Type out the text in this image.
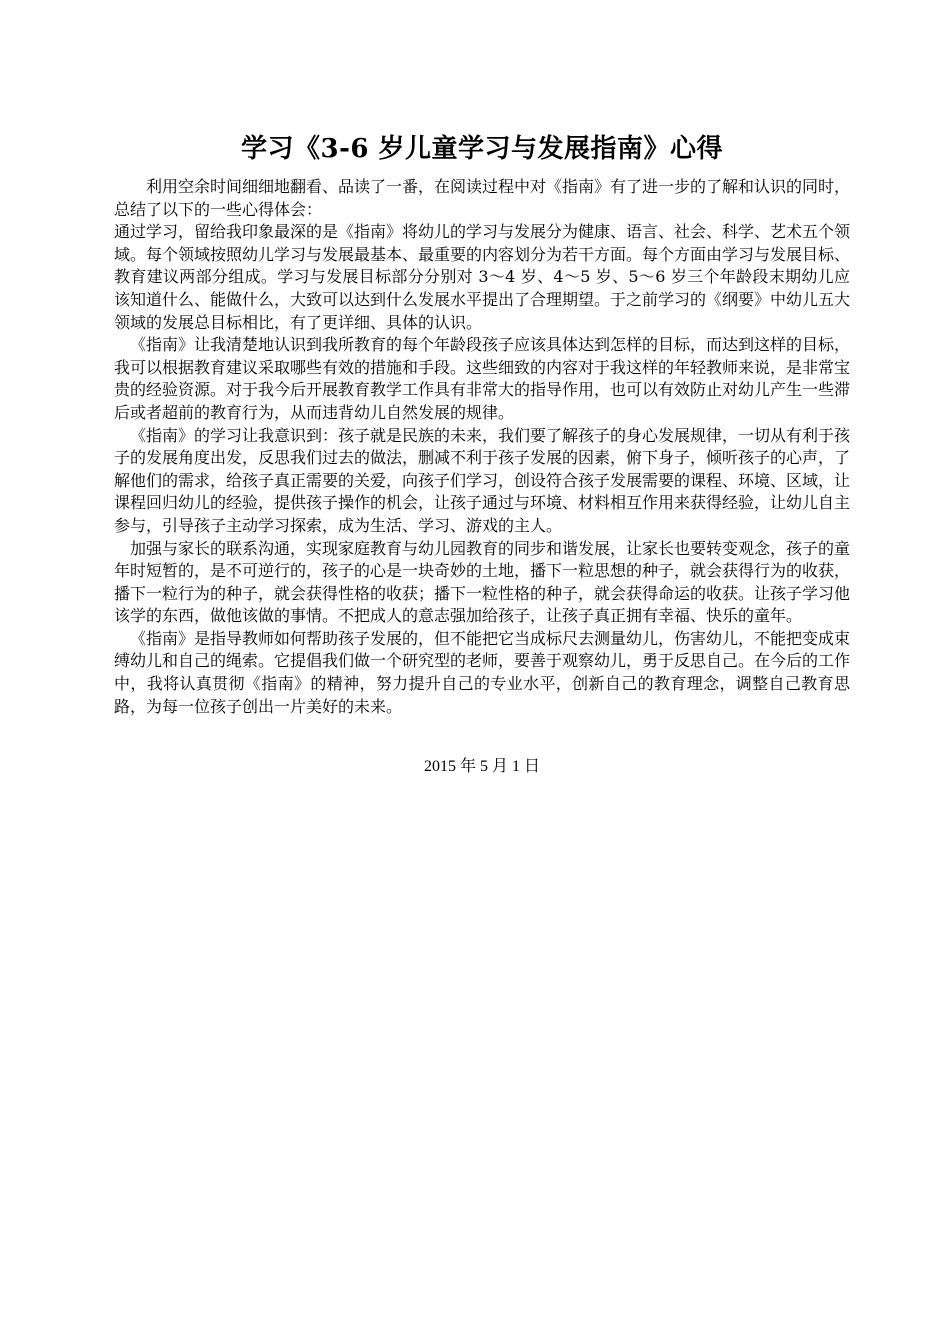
学习《3-6 岁儿童学习与发展指南》心得

利用空余时间细细地翻看、品读了一番，在阅读过程中对《指南》有了进一步的了解和认识的同时，总结了以下的一些心得体会：

通过学习，留给我印象最深的是《指南》将幼儿的学习与发展分为健康、语言、社会、科学、艺术五个领域。每个领域按照幼儿学习与发展最基本、最重要的内容划分为若干方面。每个方面由学习与发展目标、教育建议两部分组成。学习与发展目标部分分别对 3～4 岁、4～5 岁、5～6 岁三个年龄段末期幼儿应该知道什么、能做什么，大致可以达到什么发展水平提出了合理期望。于之前学习的《纲要》中幼儿五大领域的发展总目标相比，有了更详细、具体的认识。

《指南》让我清楚地认识到我所教育的每个年龄段孩子应该具体达到怎样的目标，而达到这样的目标，我可以根据教育建议采取哪些有效的措施和手段。这些细致的内容对于我这样的年轻教师来说，是非常宝贵的经验资源。对于我今后开展教育教学工作具有非常大的指导作用，也可以有效防止对幼儿产生一些滞后或者超前的教育行为，从而违背幼儿自然发展的规律。

《指南》的学习让我意识到：孩子就是民族的未来，我们要了解孩子的身心发展规律，一切从有利于孩子的发展角度出发，反思我们过去的做法，删减不利于孩子发展的因素，俯下身子，倾听孩子的心声，了解他们的需求，给孩子真正需要的关爱，向孩子们学习，创设符合孩子发展需要的课程、环境、区域，让课程回归幼儿的经验，提供孩子操作的机会，让孩子通过与环境、材料相互作用来获得经验，让幼儿自主参与，引导孩子主动学习探索，成为生活、学习、游戏的主人。

加强与家长的联系沟通，实现家庭教育与幼儿园教育的同步和谐发展，让家长也要转变观念，孩子的童年时短暂的，是不可逆行的，孩子的心是一块奇妙的土地，播下一粒思想的种子，就会获得行为的收获，播下一粒行为的种子，就会获得性格的收获；播下一粒性格的种子，就会获得命运的收获。让孩子学习他该学的东西，做他该做的事情。不把成人的意志强加给孩子，让孩子真正拥有幸福、快乐的童年。

《指南》是指导教师如何帮助孩子发展的，但不能把它当成标尺去测量幼儿，伤害幼儿，不能把变成束缚幼儿和自己的绳索。它提倡我们做一个研究型的老师，要善于观察幼儿，勇于反思自己。在今后的工作中，我将认真贯彻《指南》的精神，努力提升自己的专业水平，创新自己的教育理念，调整自己教育思路，为每一位孩子创出一片美好的未来。

2015 年 5 月 1 日
